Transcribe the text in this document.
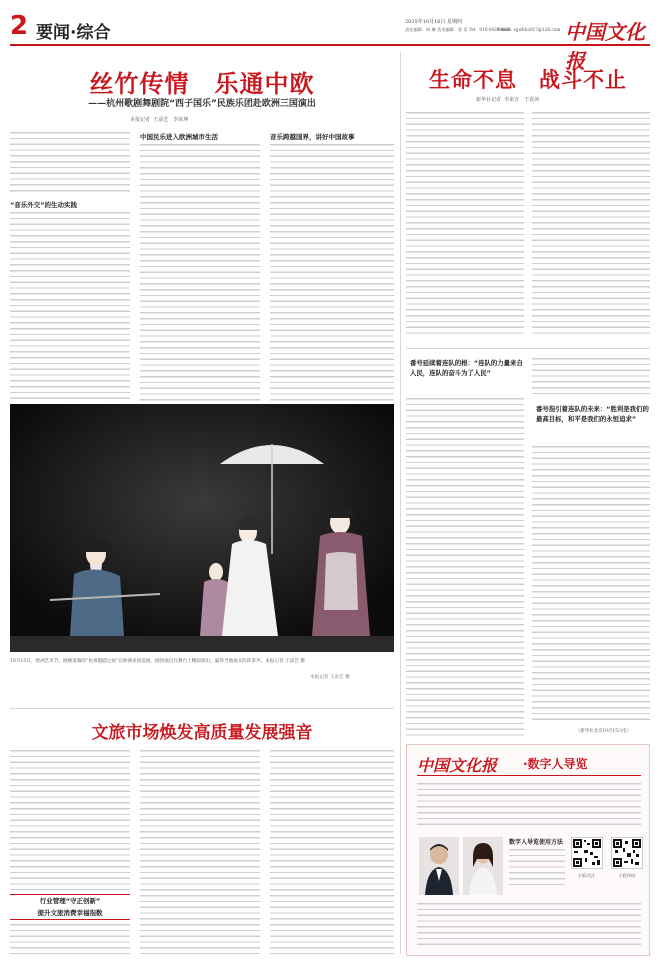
2 要闻·综合
2025年10月16日 星期四
责任编辑：周 琳 美术编辑：张 菲 Tel：010-64294698
E-mail: zgwhb2017@126.com 中国文化报
丝竹传情　乐通中欧
——杭州歌剧舞剧院“西子国乐”民族乐团赴欧洲三国演出
本报记者 王添艺　李荣坤
“音乐外交”的生动实践
中国民乐进入欧洲城市生活	音乐跨越国界，讲好中国故事
10月15日，欧洲艺术节，刚刚落幕的“杭州越剧之夜”在欧洲多国巡演，剧团演员在舞台上精彩演出，赢得当地观众阵阵掌声。本报记者 王添艺 摄
本报记者 王添艺 摄
生命不息　战斗不止
新华社记者 李来宣　王春涛
番号延续着连队的根：“连队的力量来自人民，连队的奋斗为了人民”
番号指引着连队的未来：“胜利是我们的最高目标，和平是我们的永恒追求”
（新华社北京10月15日电）
文旅市场焕发高质量发展强音
行业管理“守正创新”
提升文旅消费幸福指数
中国文化报 ·数字人导览
数字人导览使用方法
扫码关注	小程序码
